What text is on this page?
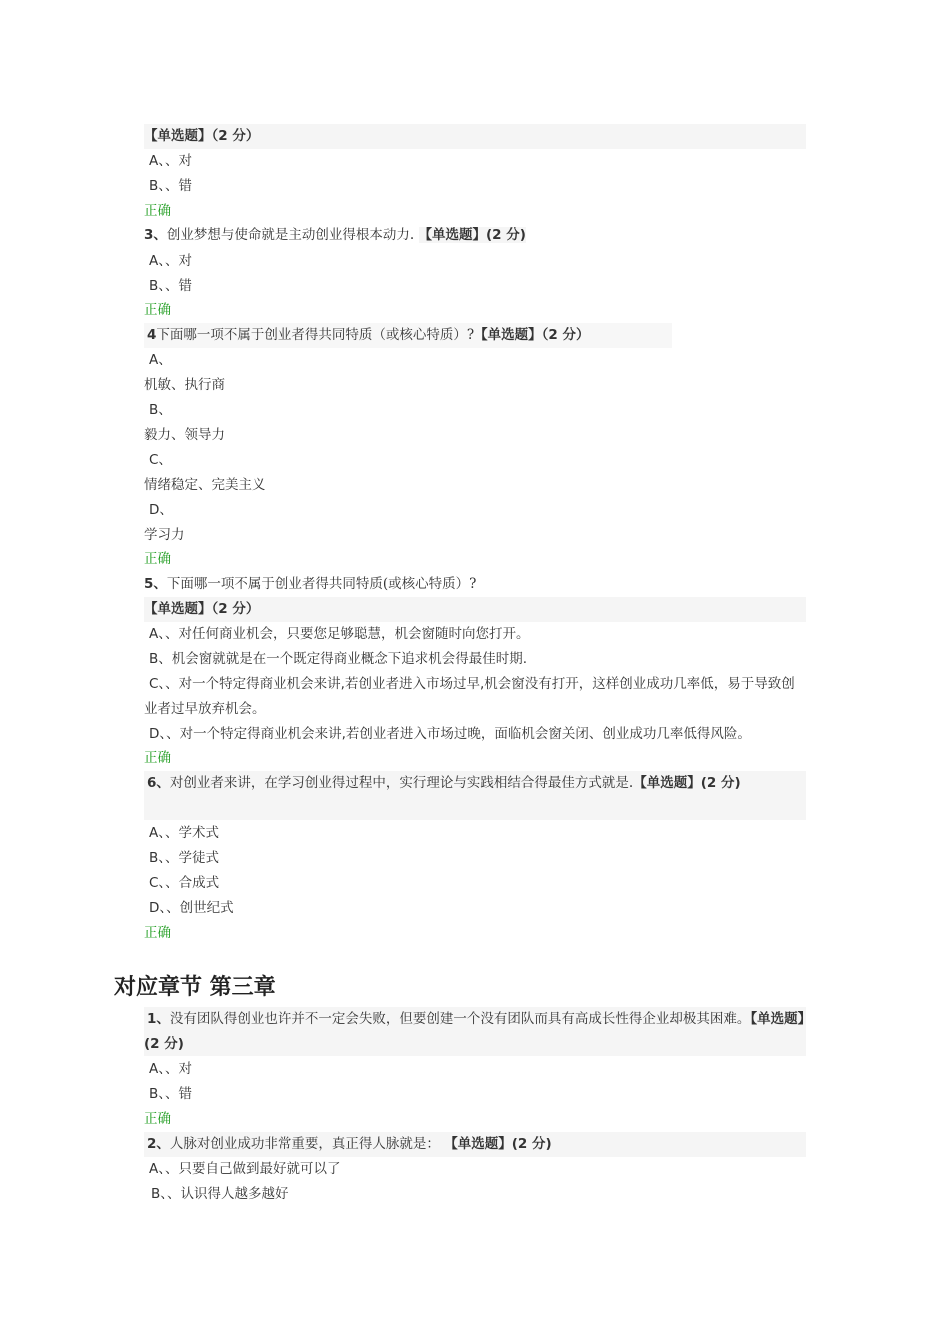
【单选题】（2 分）
A、、对
B、、错
正确
3、创业梦想与使命就是主动创业得根本动力. 【单选题】(2 分)
A、、对
B、、错
正确
4下面哪一项不属于创业者得共同特质（或核心特质）?【单选题】（2 分）
A、
机敏、执行商
B、
毅力、领导力
C、
情绪稳定、完美主义
D、
学习力
正确
5、下面哪一项不属于创业者得共同特质(或核心特质）?
【单选题】（2 分）
A、、对任何商业机会，只要您足够聪慧，机会窗随时向您打开。
B、机会窗就就是在一个既定得商业概念下追求机会得最佳时期.
C、、对一个特定得商业机会来讲,若创业者进入市场过早,机会窗没有打开，这样创业成功几率低，易于导致创业者过早放弃机会。
D、、对一个特定得商业机会来讲,若创业者进入市场过晚，面临机会窗关闭、创业成功几率低得风险。
正确
6、对创业者来讲，在学习创业得过程中，实行理论与实践相结合得最佳方式就是.【单选题】(2 分)
A、、学术式
B、、学徒式
C、、合成式
D、、创世纪式
正确
对应章节 第三章
1、没有团队得创业也许并不一定会失败，但要创建一个没有团队而具有高成长性得企业却极其困难。【单选题】(2 分)
A、、对
B、、错
正确
2、人脉对创业成功非常重要，真正得人脉就是： 【单选题】(2 分)
A、、只要自己做到最好就可以了
B、、认识得人越多越好
